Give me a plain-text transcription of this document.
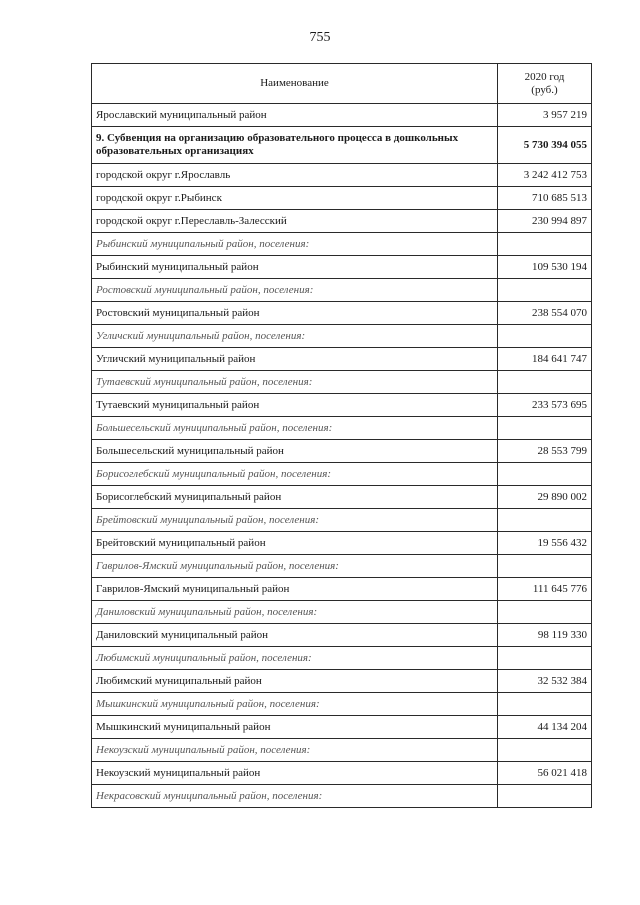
755
Наименование	2020 год
(руб.)
Ярославский муниципальный район	3 957 219
9. Субвенция на организацию образовательного процесса в дошкольных образовательных организациях	5 730 394 055
городской округ г.Ярославль	3 242 412 753
городской округ г.Рыбинск	710 685 513
городской округ г.Переславль-Залесский	230 994 897
Рыбинский муниципальный район, поселения:	
Рыбинский муниципальный район	109 530 194
Ростовский муниципальный район, поселения:	
Ростовский муниципальный район	238 554 070
Угличский муниципальный район, поселения:	
Угличский муниципальный район	184 641 747
Тутаевский муниципальный район, поселения:	
Тутаевский муниципальный район	233 573 695
Большесельский муниципальный район, поселения:	
Большесельский муниципальный район	28 553 799
Борисоглебский муниципальный район, поселения:	
Борисоглебский муниципальный район	29 890 002
Брейтовский муниципальный район, поселения:	
Брейтовский муниципальный район	19 556 432
Гаврилов-Ямский муниципальный район, поселения:	
Гаврилов-Ямский муниципальный район	111 645 776
Даниловский муниципальный район, поселения:	
Даниловский муниципальный район	98 119 330
Любимский муниципальный район, поселения:	
Любимский муниципальный район	32 532 384
Мышкинский муниципальный район, поселения:	
Мышкинский муниципальный район	44 134 204
Некоузский муниципальный район, поселения:	
Некоузский муниципальный район	56 021 418
Некрасовский муниципальный район, поселения:	
